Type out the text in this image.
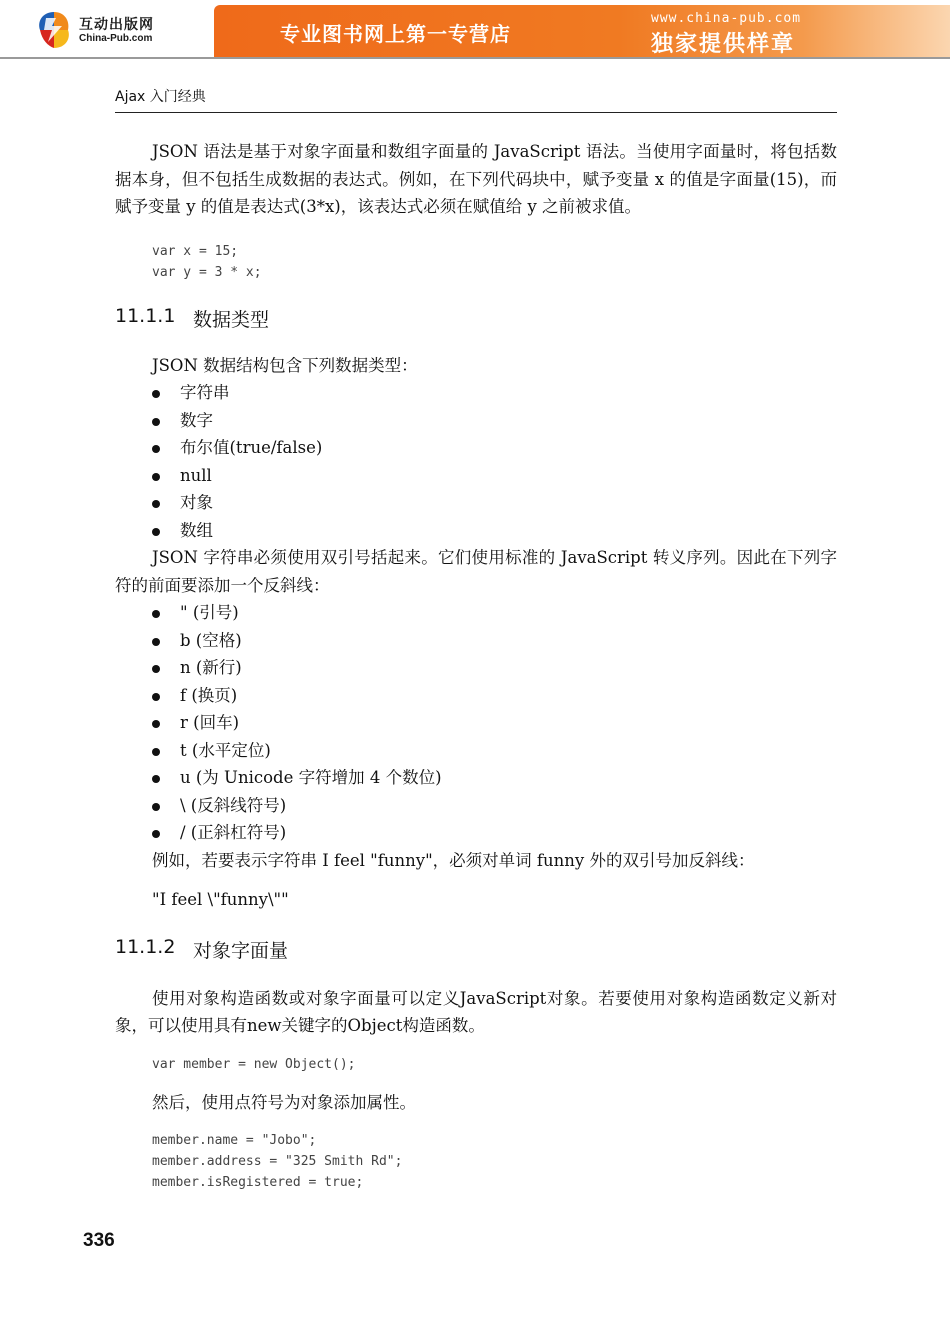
互动出版网
China-Pub.com	专业图书网上第一专营店
www.china-pub.com
独家提供样章
Ajax 入门经典

JSON 语法是基于对象字面量和数组字面量的 JavaScript 语法。当使用字面量时，将包括数据本身，但不包括生成数据的表达式。例如，在下列代码块中，赋予变量 x 的值是字面量(15)，而赋予变量 y 的值是表达式(3*x)，该表达式必须在赋值给 y 之前被求值。

var x = 15;
var y = 3 * x;
11.1.1 数据类型

JSON 数据结构包含下列数据类型：

字符串
数字
布尔值(true/false)
null
对象
数组

JSON 字符串必须使用双引号括起来。它们使用标准的 JavaScript 转义序列。因此在下列字符的前面要添加一个反斜线：

" (引号)
b (空格)
n (新行)
f (换页)
r (回车)
t (水平定位)
u (为 Unicode 字符增加 4 个数位)
\ (反斜线符号)
/ (正斜杠符号)

例如，若要表示字符串 I feel "funny"，必须对单词 funny 外的双引号加反斜线：

"I feel \"funny\""

11.1.2 对象字面量

使用对象构造函数或对象字面量可以定义JavaScript对象。若要使用对象构造函数定义新对象，可以使用具有new关键字的Object构造函数。

var member = new Object();

然后，使用点符号为对象添加属性。

member.name = "Jobo";
member.address = "325 Smith Rd";
member.isRegistered = true;
336
